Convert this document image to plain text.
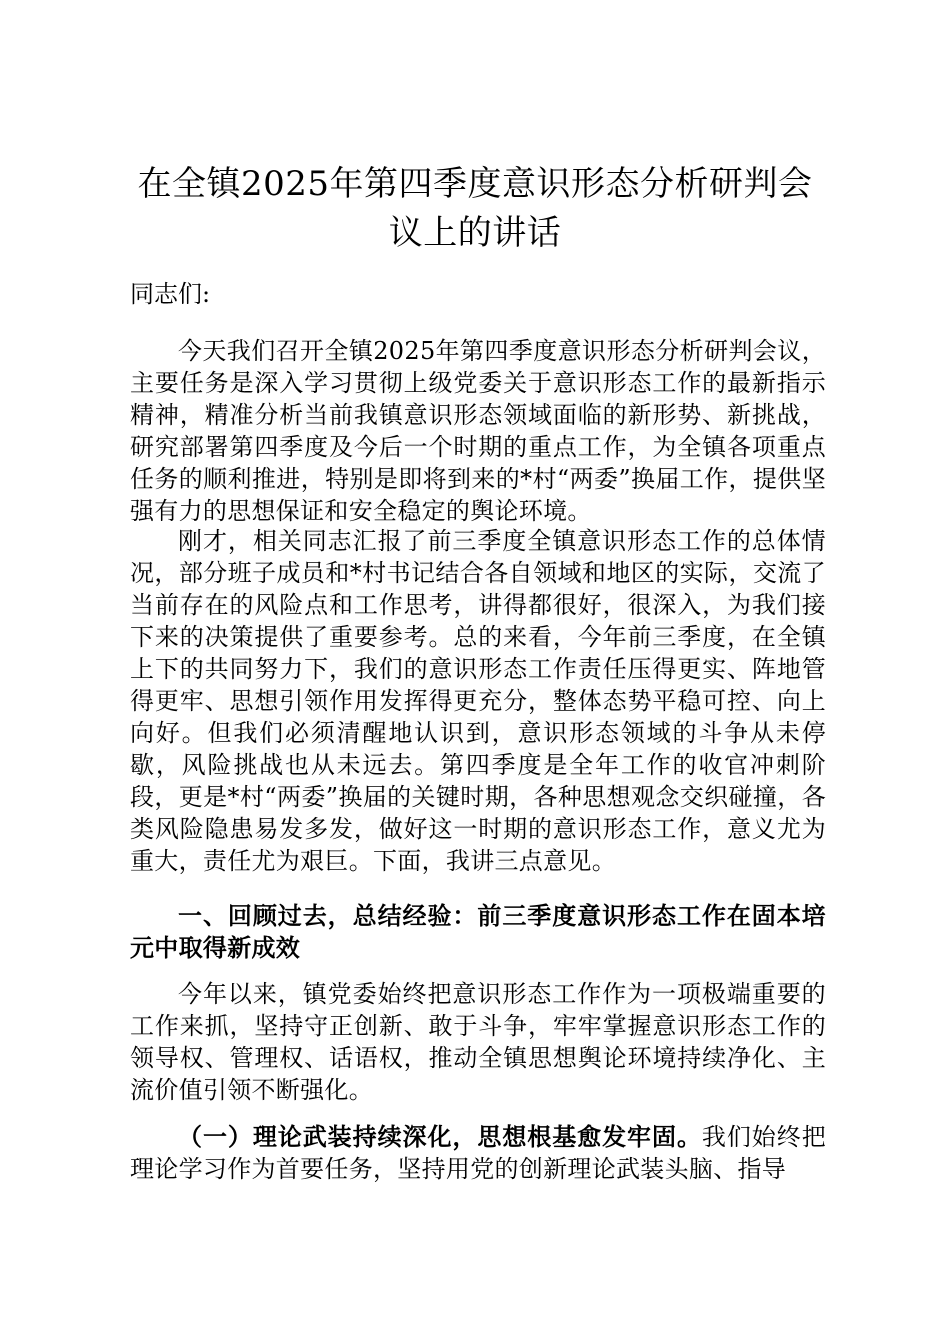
在全镇2025年第四季度意识形态分析研判会议上的讲话

同志们:

今天我们召开全镇2025年第四季度意识形态分析研判会议，主要任务是深入学习贯彻上级党委关于意识形态工作的最新指示精神，精准分析当前我镇意识形态领域面临的新形势、新挑战，研究部署第四季度及今后一个时期的重点工作，为全镇各项重点任务的顺利推进，特别是即将到来的*村“两委”换届工作，提供坚强有力的思想保证和安全稳定的舆论环境。

刚才，相关同志汇报了前三季度全镇意识形态工作的总体情况，部分班子成员和*村书记结合各自领域和地区的实际，交流了当前存在的风险点和工作思考，讲得都很好，很深入，为我们接下来的决策提供了重要参考。总的来看，今年前三季度，在全镇上下的共同努力下，我们的意识形态工作责任压得更实、阵地管得更牢、思想引领作用发挥得更充分，整体态势平稳可控、向上向好。但我们必须清醒地认识到，意识形态领域的斗争从未停歇，风险挑战也从未远去。第四季度是全年工作的收官冲刺阶段，更是*村“两委”换届的关键时期，各种思想观念交织碰撞，各类风险隐患易发多发，做好这一时期的意识形态工作，意义尤为重大，责任尤为艰巨。下面，我讲三点意见。

一、回顾过去，总结经验：前三季度意识形态工作在固本培元中取得新成效

今年以来，镇党委始终把意识形态工作作为一项极端重要的工作来抓，坚持守正创新、敢于斗争，牢牢掌握意识形态工作的领导权、管理权、话语权，推动全镇思想舆论环境持续净化、主流价值引领不断强化。

（一）理论武装持续深化，思想根基愈发牢固。我们始终把理论学习作为首要任务，坚持用党的创新理论武装头脑、指导
